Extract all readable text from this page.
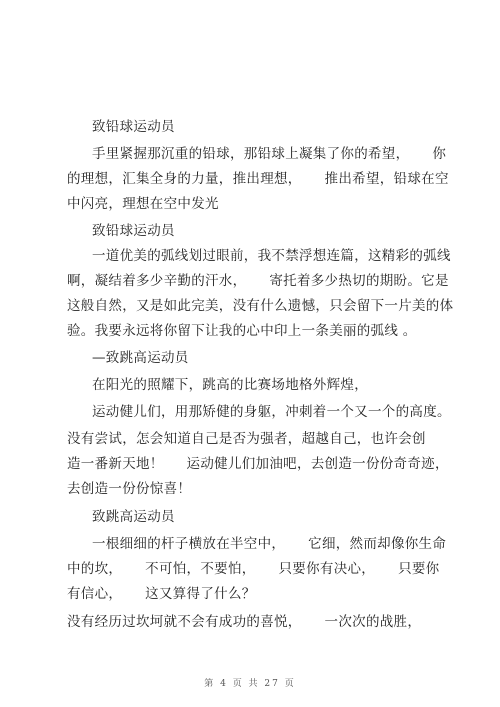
致铅球运动员
手里紧握那沉重的铅球，那铅球上凝集了你的希望，     你
的理想，汇集全身的力量，推出理想，     推出希望，铅球在空
中闪亮，理想在空中发光
致铅球运动员
一道优美的弧线划过眼前，我不禁浮想连篇，这精彩的弧线
啊，凝结着多少辛勤的汗水，     寄托着多少热切的期盼。它是
这般自然，又是如此完美，没有什么遗憾，只会留下一片美的体
验。我要永远将你留下让我的心中印上一条美丽的弧线 。
—致跳高运动员
在阳光的照耀下，跳高的比赛场地格外辉煌，
运动健儿们，用那矫健的身躯，冲刺着一个又一个的高度。
没有尝试，怎会知道自己是否为强者，超越自己，也许会创
造一番新天地！     运动健儿们加油吧，去创造一份份奇奇迹，
去创造一份份惊喜！
致跳高运动员
一根细细的杆子横放在半空中，     它细，然而却像你生命
中的坎，     不可怕，不要怕，     只要你有决心，     只要你
有信心，     这又算得了什么？
没有经历过坎坷就不会有成功的喜悦，     一次次的战胜，
第 4 页 共 27 页
